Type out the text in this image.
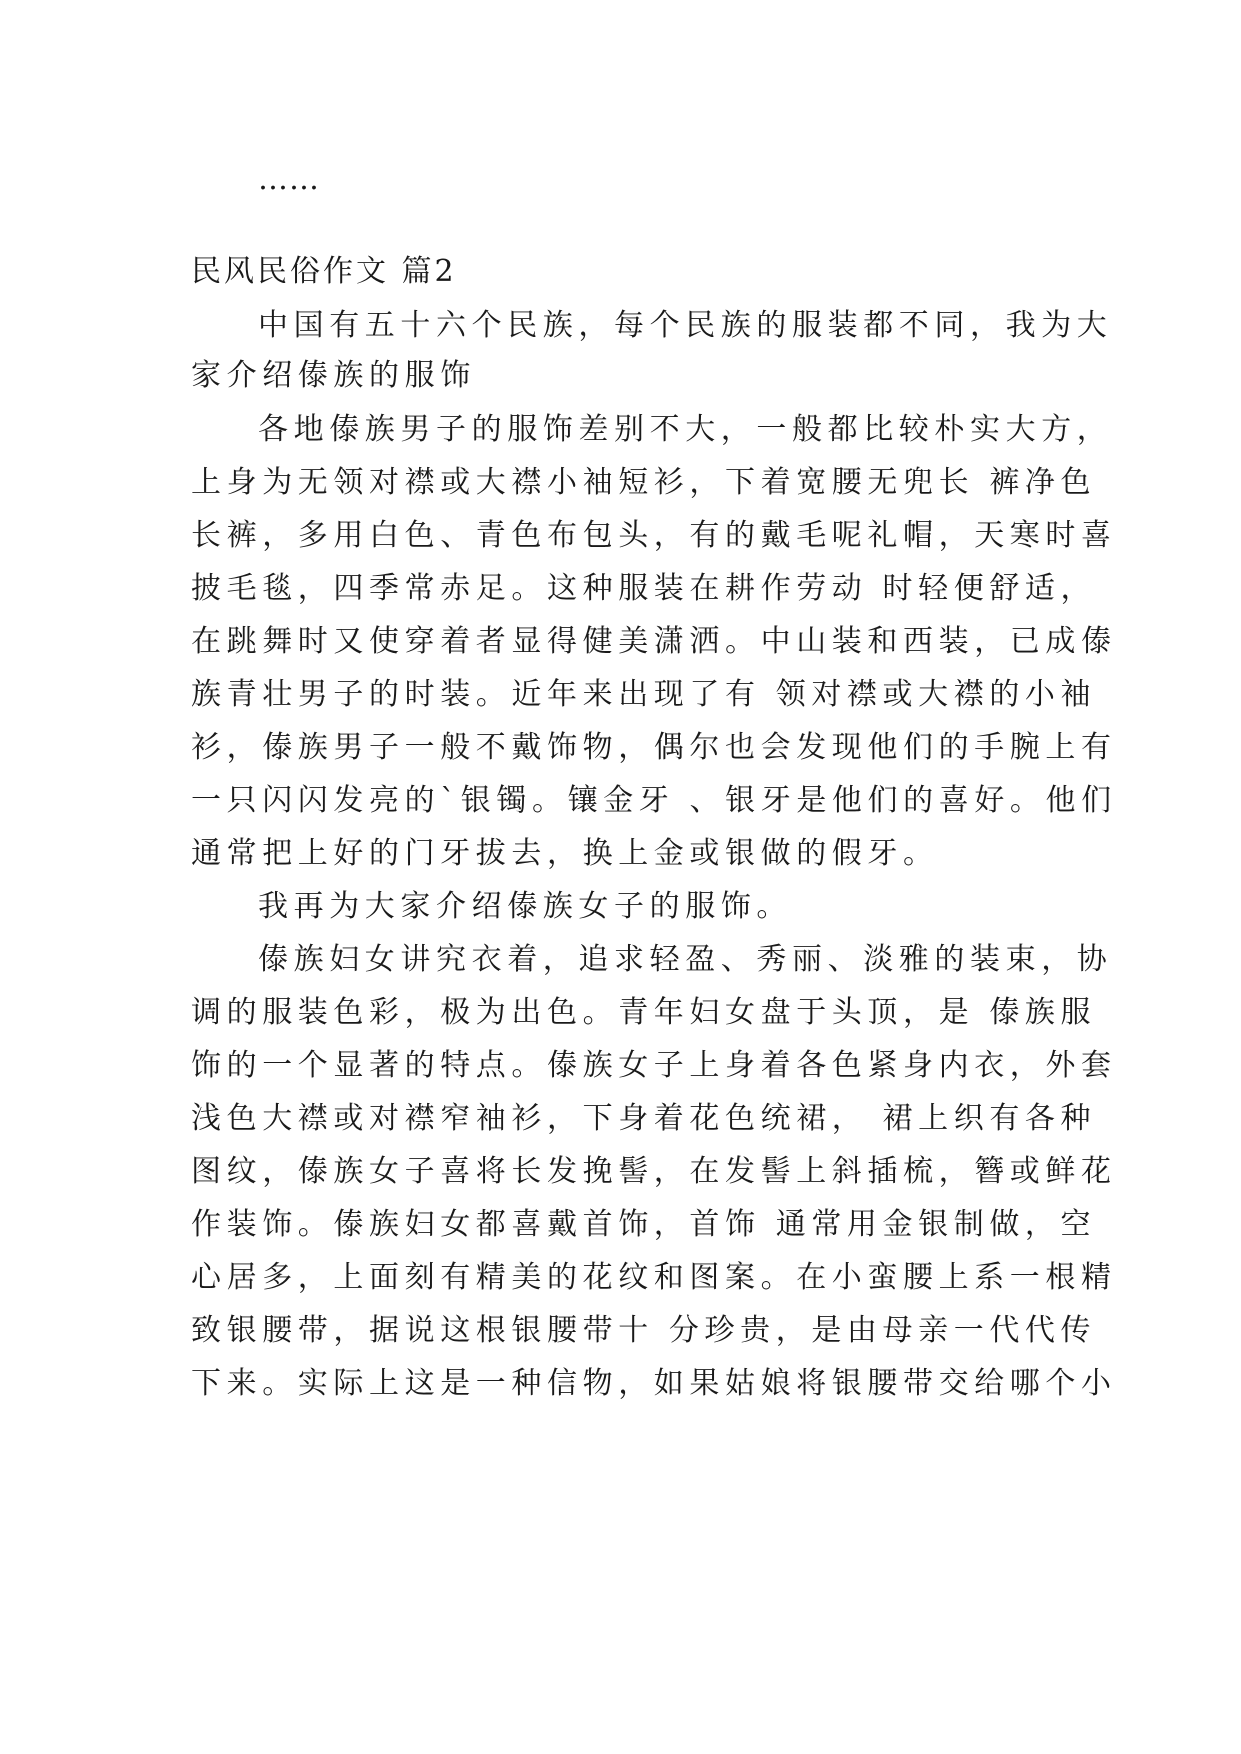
……
民风民俗作文 篇2
中国有五十六个民族，每个民族的服装都不同，我为大
家介绍傣族的服饰
各地傣族男子的服饰差别不大，一般都比较朴实大方，
上身为无领对襟或大襟小袖短衫，下着宽腰无兜长 裤净色
长裤，多用白色、青色布包头，有的戴毛呢礼帽，天寒时喜
披毛毯，四季常赤足。这种服装在耕作劳动 时轻便舒适，
在跳舞时又使穿着者显得健美潇洒。中山装和西装，已成傣
族青壮男子的时装。近年来出现了有 领对襟或大襟的小袖
衫，傣族男子一般不戴饰物，偶尔也会发现他们的手腕上有
一只闪闪发亮的`银镯。镶金牙 、银牙是他们的喜好。他们
通常把上好的门牙拔去，换上金或银做的假牙。
我再为大家介绍傣族女子的服饰。
傣族妇女讲究衣着，追求轻盈、秀丽、淡雅的装束，协
调的服装色彩，极为出色。青年妇女盘于头顶，是 傣族服
饰的一个显著的特点。傣族女子上身着各色紧身内衣，外套
浅色大襟或对襟窄袖衫，下身着花色统裙， 裙上织有各种
图纹，傣族女子喜将长发挽髻，在发髻上斜插梳，簪或鲜花
作装饰。傣族妇女都喜戴首饰，首饰 通常用金银制做，空
心居多，上面刻有精美的花纹和图案。在小蛮腰上系一根精
致银腰带，据说这根银腰带十 分珍贵，是由母亲一代代传
下来。实际上这是一种信物，如果姑娘将银腰带交给哪个小
